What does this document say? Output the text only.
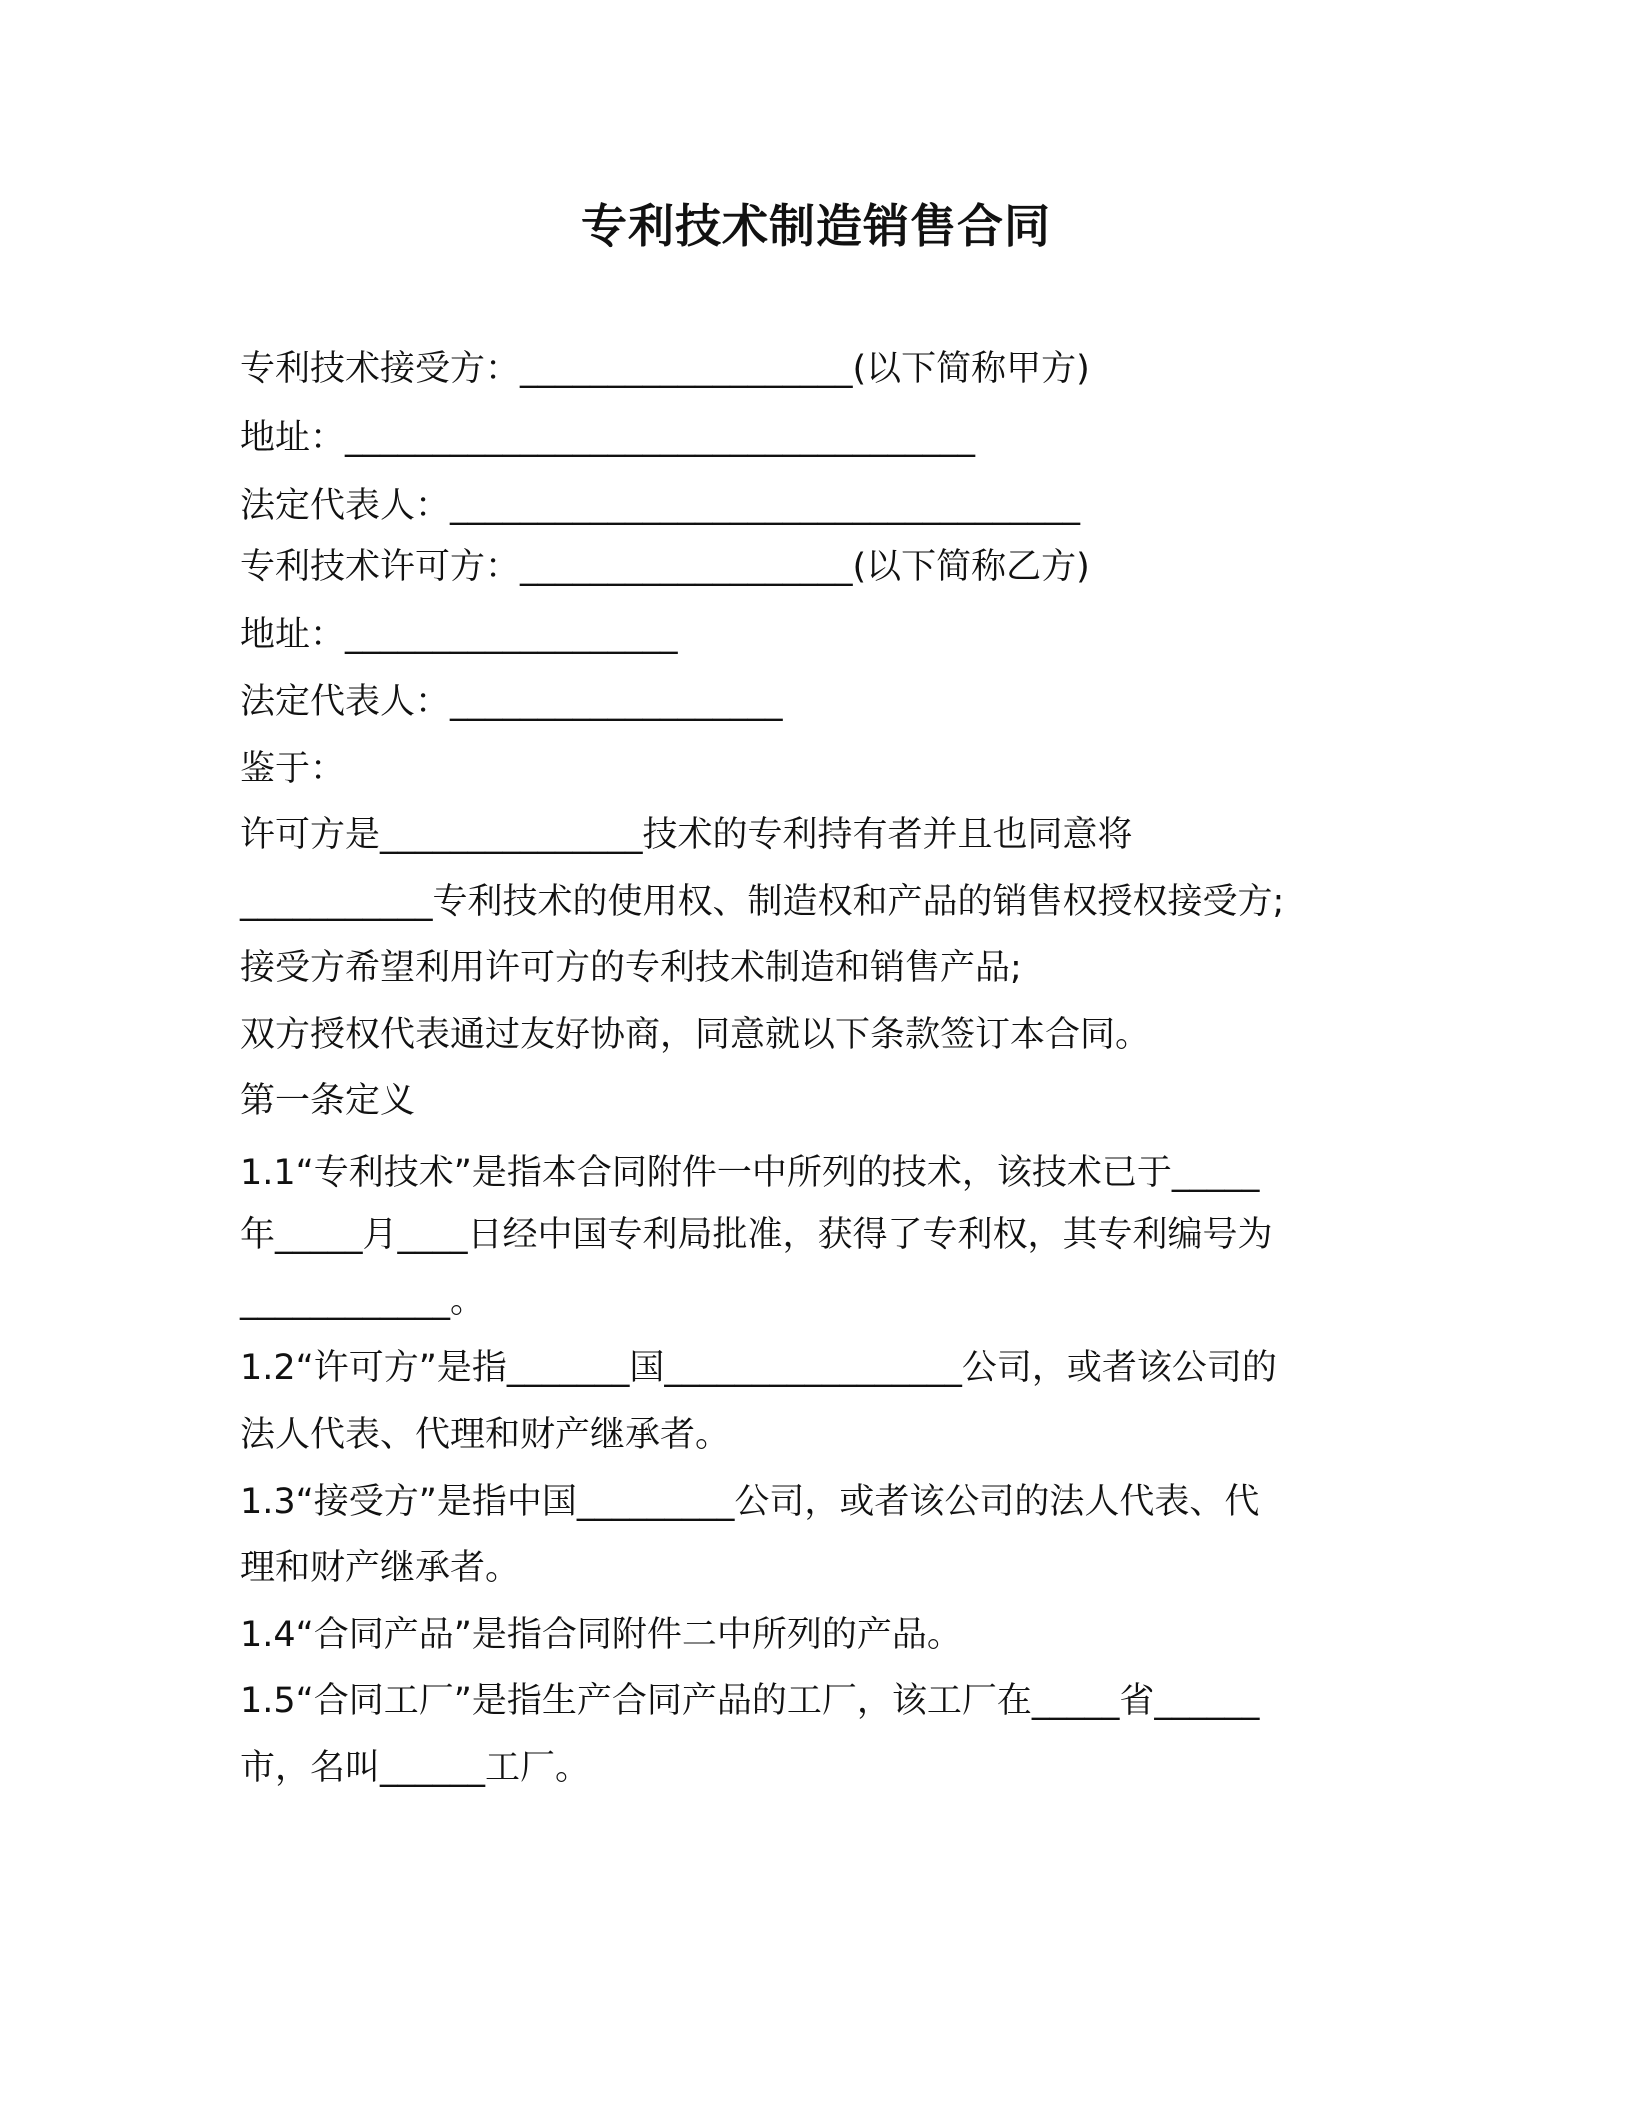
专利技术制造销售合同
专利技术接受方：___________________(以下简称甲方)
地址：____________________________________
法定代表人：____________________________________
专利技术许可方：___________________(以下简称乙方)
地址：___________________
法定代表人：___________________
鉴于：
许可方是_______________技术的专利持有者并且也同意将
___________专利技术的使用权、制造权和产品的销售权授权接受方;
接受方希望利用许可方的专利技术制造和销售产品;
双方授权代表通过友好协商，同意就以下条款签订本合同。
第一条定义
1.1“专利技术”是指本合同附件一中所列的技术，该技术已于_____
年_____月____日经中国专利局批准，获得了专利权，其专利编号为
____________。
1.2“许可方”是指_______国_________________公司，或者该公司的
法人代表、代理和财产继承者。
1.3“接受方”是指中国_________公司，或者该公司的法人代表、代
理和财产继承者。
1.4“合同产品”是指合同附件二中所列的产品。
1.5“合同工厂”是指生产合同产品的工厂，该工厂在_____省______
市，名叫______工厂。
